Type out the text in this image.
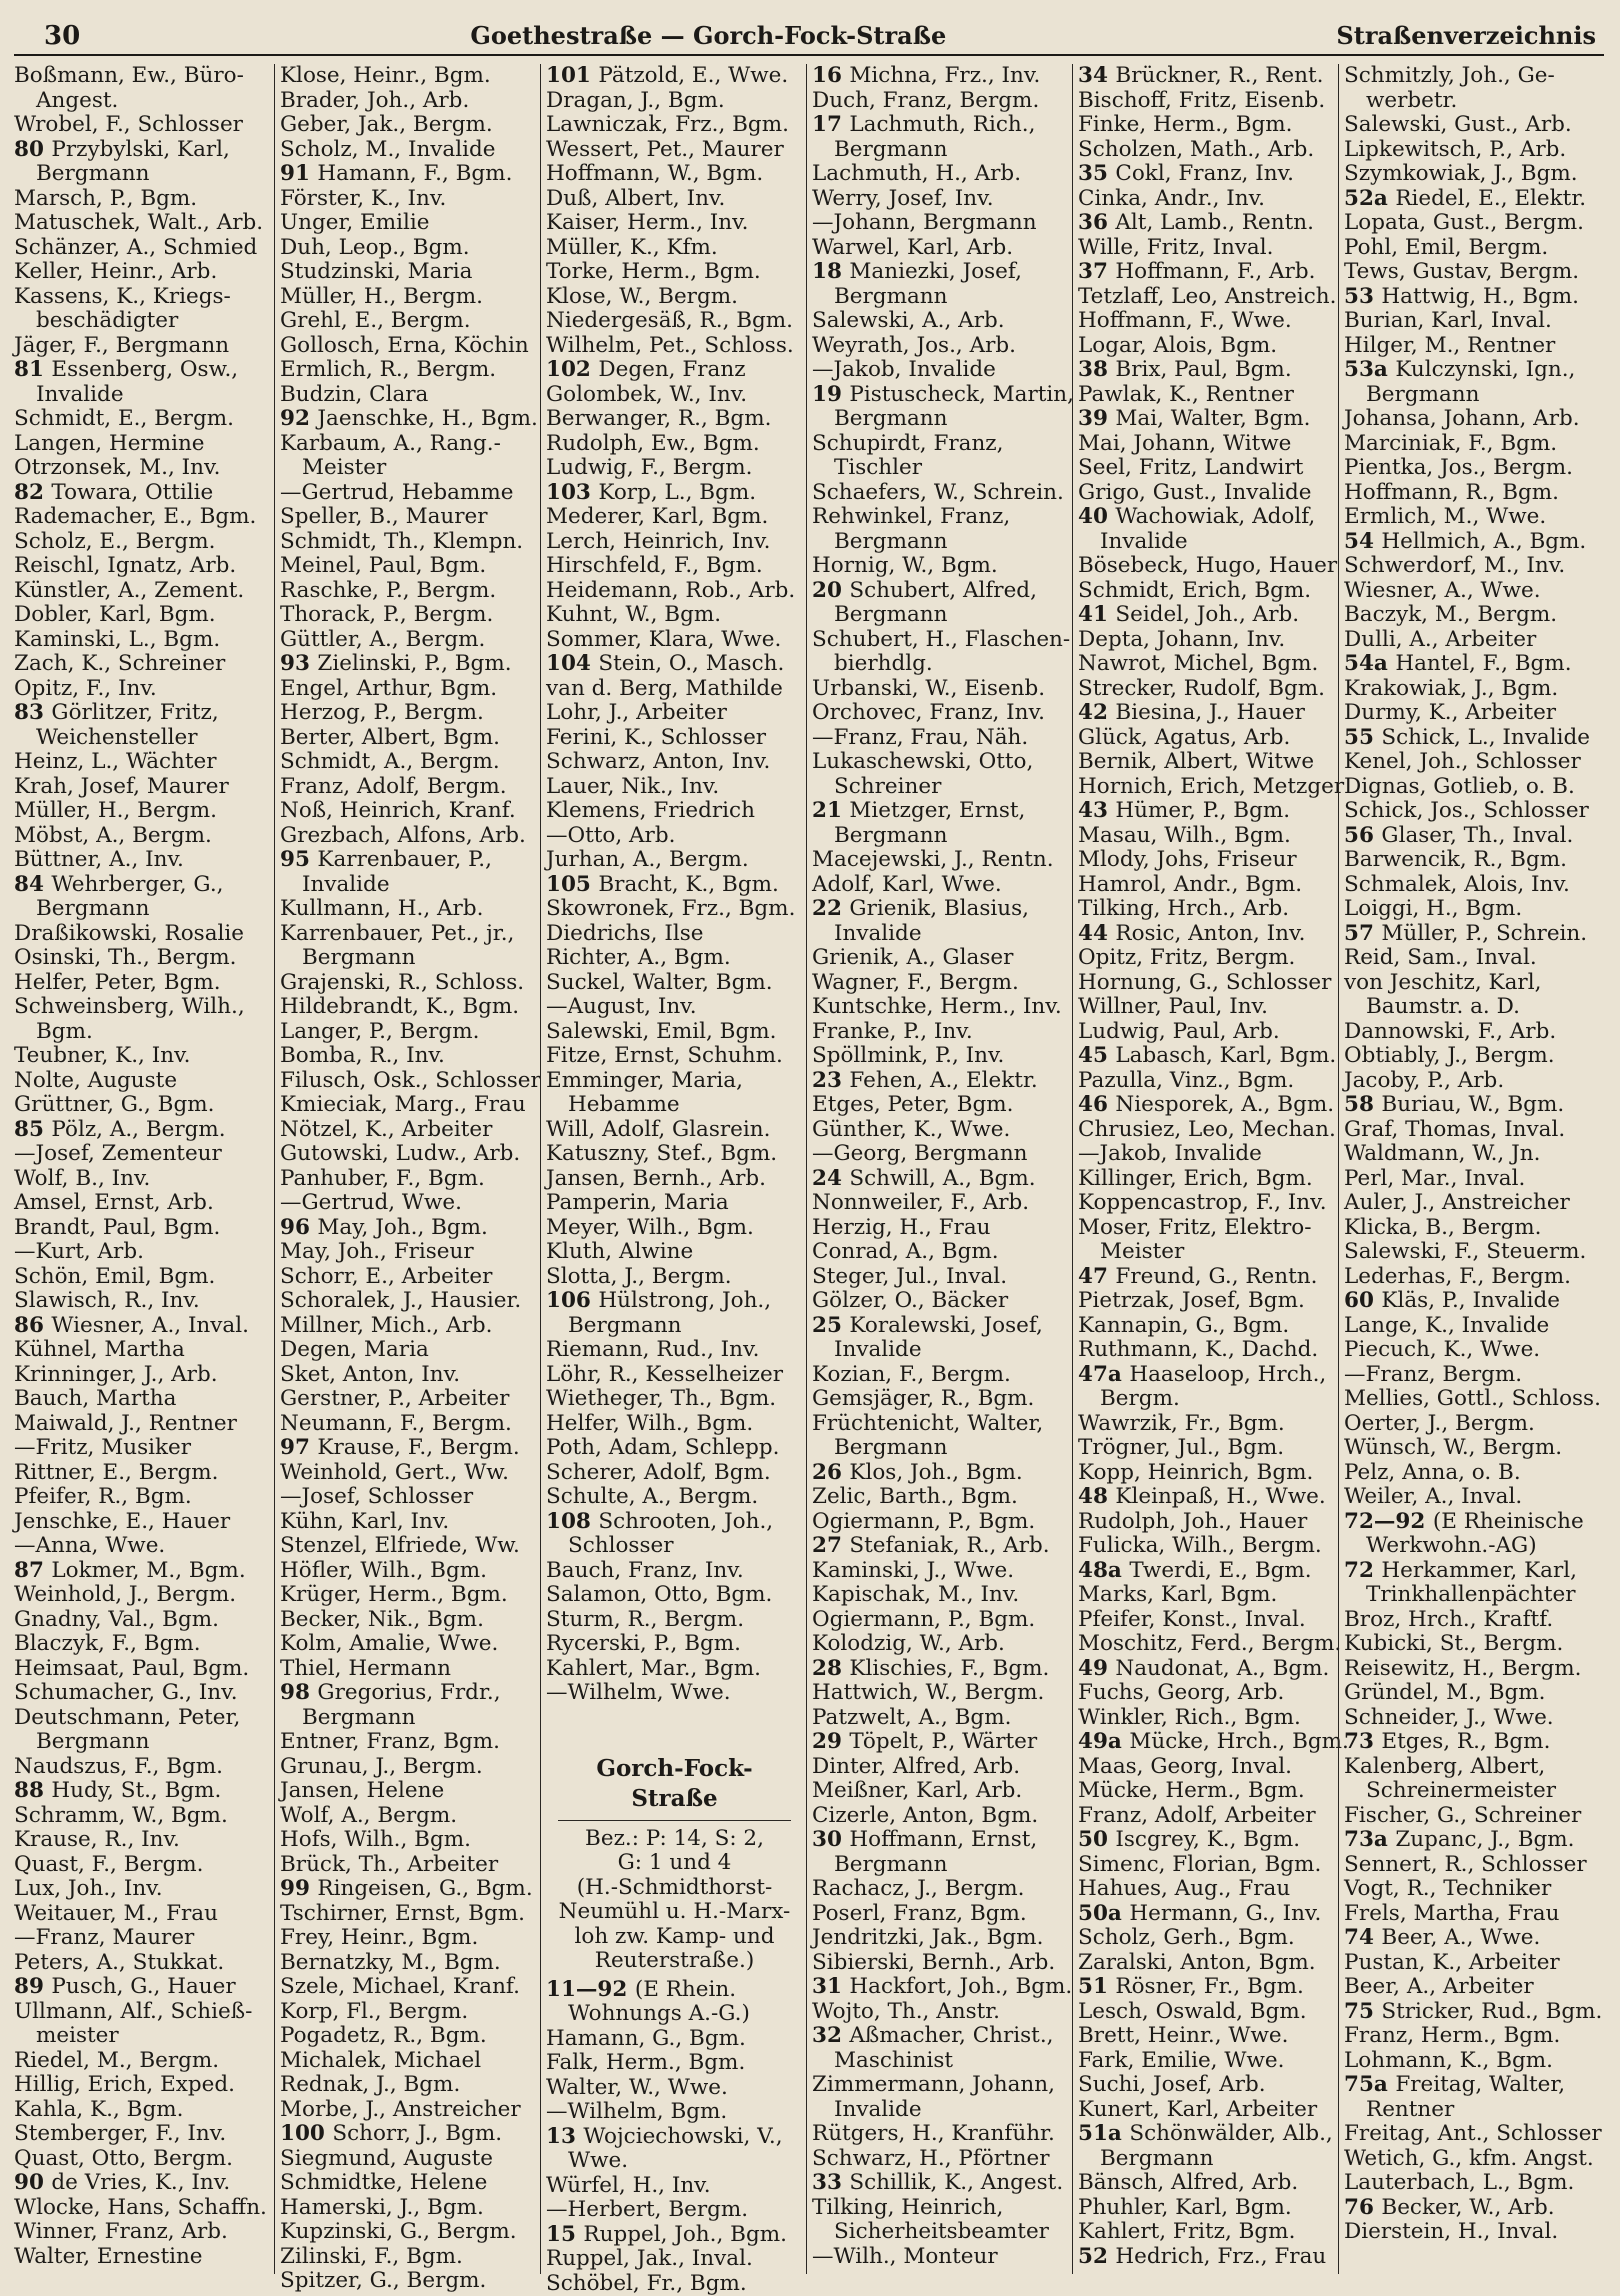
30	Goethestraße — Gorch-Fock-Straße	Straßenverzeichnis
Boßmann, Ew., Büro-
Angest.
Wrobel, F., Schlosser
80 Przybylski, Karl,
Bergmann
Marsch, P., Bgm.
Matuschek, Walt., Arb.
Schänzer, A., Schmied
Keller, Heinr., Arb.
Kassens, K., Kriegs-
beschädigter
Jäger, F., Bergmann
81 Essenberg, Osw.,
Invalide
Schmidt, E., Bergm.
Langen, Hermine
Otrzonsek, M., Inv.
82 Towara, Ottilie
Rademacher, E., Bgm.
Scholz, E., Bergm.
Reischl, Ignatz, Arb.
Künstler, A., Zement.
Dobler, Karl, Bgm.
Kaminski, L., Bgm.
Zach, K., Schreiner
Opitz, F., Inv.
83 Görlitzer, Fritz,
Weichensteller
Heinz, L., Wächter
Krah, Josef, Maurer
Müller, H., Bergm.
Möbst, A., Bergm.
Büttner, A., Inv.
84 Wehrberger, G.,
Bergmann
Draßikowski, Rosalie
Osinski, Th., Bergm.
Helfer, Peter, Bgm.
Schweinsberg, Wilh.,
Bgm.
Teubner, K., Inv.
Nolte, Auguste
Grüttner, G., Bgm.
85 Pölz, A., Bergm.
—Josef, Zementeur
Wolf, B., Inv.
Amsel, Ernst, Arb.
Brandt, Paul, Bgm.
—Kurt, Arb.
Schön, Emil, Bgm.
Slawisch, R., Inv.
86 Wiesner, A., Inval.
Kühnel, Martha
Krinninger, J., Arb.
Bauch, Martha
Maiwald, J., Rentner
—Fritz, Musiker
Rittner, E., Bergm.
Pfeifer, R., Bgm.
Jenschke, E., Hauer
—Anna, Wwe.
87 Lokmer, M., Bgm.
Weinhold, J., Bergm.
Gnadny, Val., Bgm.
Blaczyk, F., Bgm.
Heimsaat, Paul, Bgm.
Schumacher, G., Inv.
Deutschmann, Peter,
Bergmann
Naudszus, F., Bgm.
88 Hudy, St., Bgm.
Schramm, W., Bgm.
Krause, R., Inv.
Quast, F., Bergm.
Lux, Joh., Inv.
Weitauer, M., Frau
—Franz, Maurer
Peters, A., Stukkat.
89 Pusch, G., Hauer
Ullmann, Alf., Schieß-
meister
Riedel, M., Bergm.
Hillig, Erich, Exped.
Kahla, K., Bgm.
Stemberger, F., Inv.
Quast, Otto, Bergm.
90 de Vries, K., Inv.
Wlocke, Hans, Schaffn.
Winner, Franz, Arb.
Walter, Ernestine
Klose, Heinr., Bgm.
Brader, Joh., Arb.
Geber, Jak., Bergm.
Scholz, M., Invalide
91 Hamann, F., Bgm.
Förster, K., Inv.
Unger, Emilie
Duh, Leop., Bgm.
Studzinski, Maria
Müller, H., Bergm.
Grehl, E., Bergm.
Gollosch, Erna, Köchin
Ermlich, R., Bergm.
Budzin, Clara
92 Jaenschke, H., Bgm.
Karbaum, A., Rang.-
Meister
—Gertrud, Hebamme
Speller, B., Maurer
Schmidt, Th., Klempn.
Meinel, Paul, Bgm.
Raschke, P., Bergm.
Thorack, P., Bergm.
Güttler, A., Bergm.
93 Zielinski, P., Bgm.
Engel, Arthur, Bgm.
Herzog, P., Bergm.
Berter, Albert, Bgm.
Schmidt, A., Bergm.
Franz, Adolf, Bergm.
Noß, Heinrich, Kranf.
Grezbach, Alfons, Arb.
95 Karrenbauer, P.,
Invalide
Kullmann, H., Arb.
Karrenbauer, Pet., jr.,
Bergmann
Grajenski, R., Schloss.
Hildebrandt, K., Bgm.
Langer, P., Bergm.
Bomba, R., Inv.
Filusch, Osk., Schlosser
Kmieciak, Marg., Frau
Nötzel, K., Arbeiter
Gutowski, Ludw., Arb.
Panhuber, F., Bgm.
—Gertrud, Wwe.
96 May, Joh., Bgm.
May, Joh., Friseur
Schorr, E., Arbeiter
Schoralek, J., Hausier.
Millner, Mich., Arb.
Degen, Maria
Sket, Anton, Inv.
Gerstner, P., Arbeiter
Neumann, F., Bergm.
97 Krause, F., Bergm.
Weinhold, Gert., Ww.
—Josef, Schlosser
Kühn, Karl, Inv.
Stenzel, Elfriede, Ww.
Höfler, Wilh., Bgm.
Krüger, Herm., Bgm.
Becker, Nik., Bgm.
Kolm, Amalie, Wwe.
Thiel, Hermann
98 Gregorius, Frdr.,
Bergmann
Entner, Franz, Bgm.
Grunau, J., Bergm.
Jansen, Helene
Wolf, A., Bergm.
Hofs, Wilh., Bgm.
Brück, Th., Arbeiter
99 Ringeisen, G., Bgm.
Tschirner, Ernst, Bgm.
Frey, Heinr., Bgm.
Bernatzky, M., Bgm.
Szele, Michael, Kranf.
Korp, Fl., Bergm.
Pogadetz, R., Bgm.
Michalek, Michael
Rednak, J., Bgm.
Morbe, J., Anstreicher
100 Schorr, J., Bgm.
Siegmund, Auguste
Schmidtke, Helene
Hamerski, J., Bgm.
Kupzinski, G., Bergm.
Zilinski, F., Bgm.
Spitzer, G., Bergm.
101 Pätzold, E., Wwe.
Dragan, J., Bgm.
Lawniczak, Frz., Bgm.
Wessert, Pet., Maurer
Hoffmann, W., Bgm.
Duß, Albert, Inv.
Kaiser, Herm., Inv.
Müller, K., Kfm.
Torke, Herm., Bgm.
Klose, W., Bergm.
Niedergesäß, R., Bgm.
Wilhelm, Pet., Schloss.
102 Degen, Franz
Golombek, W., Inv.
Berwanger, R., Bgm.
Rudolph, Ew., Bgm.
Ludwig, F., Bergm.
103 Korp, L., Bgm.
Mederer, Karl, Bgm.
Lerch, Heinrich, Inv.
Hirschfeld, F., Bgm.
Heidemann, Rob., Arb.
Kuhnt, W., Bgm.
Sommer, Klara, Wwe.
104 Stein, O., Masch.
van d. Berg, Mathilde
Lohr, J., Arbeiter
Ferini, K., Schlosser
Schwarz, Anton, Inv.
Lauer, Nik., Inv.
Klemens, Friedrich
—Otto, Arb.
Jurhan, A., Bergm.
105 Bracht, K., Bgm.
Skowronek, Frz., Bgm.
Diedrichs, Ilse
Richter, A., Bgm.
Suckel, Walter, Bgm.
—August, Inv.
Salewski, Emil, Bgm.
Fitze, Ernst, Schuhm.
Emminger, Maria,
Hebamme
Will, Adolf, Glasrein.
Katuszny, Stef., Bgm.
Jansen, Bernh., Arb.
Pamperin, Maria
Meyer, Wilh., Bgm.
Kluth, Alwine
Slotta, J., Bergm.
106 Hülstrong, Joh.,
Bergmann
Riemann, Rud., Inv.
Löhr, R., Kesselheizer
Wietheger, Th., Bgm.
Helfer, Wilh., Bgm.
Poth, Adam, Schlepp.
Scherer, Adolf, Bgm.
Schulte, A., Bergm.
108 Schrooten, Joh.,
Schlosser
Bauch, Franz, Inv.
Salamon, Otto, Bgm.
Sturm, R., Bergm.
Rycerski, P., Bgm.
Kahlert, Mar., Bgm.
—Wilhelm, Wwe.
Gorch-Fock-Straße
Bez.: P: 14, S: 2,
G: 1 und 4
(H.-Schmidthorst-
Neumühl u. H.-Marx-
loh zw. Kamp- und
Reuterstraße.)
11—92 (E Rhein.
Wohnungs A.-G.)
Hamann, G., Bgm.
Falk, Herm., Bgm.
Walter, W., Wwe.
—Wilhelm, Bgm.
13 Wojciechowski, V.,
Wwe.
Würfel, H., Inv.
—Herbert, Bergm.
15 Ruppel, Joh., Bgm.
Ruppel, Jak., Inval.
Schöbel, Fr., Bgm.
16 Michna, Frz., Inv.
Duch, Franz, Bergm.
17 Lachmuth, Rich.,
Bergmann
Lachmuth, H., Arb.
Werry, Josef, Inv.
—Johann, Bergmann
Warwel, Karl, Arb.
18 Maniezki, Josef,
Bergmann
Salewski, A., Arb.
Weyrath, Jos., Arb.
—Jakob, Invalide
19 Pistuscheck, Martin,
Bergmann
Schupirdt, Franz,
Tischler
Schaefers, W., Schrein.
Rehwinkel, Franz,
Bergmann
Hornig, W., Bgm.
20 Schubert, Alfred,
Bergmann
Schubert, H., Flaschen-
bierhdlg.
Urbanski, W., Eisenb.
Orchovec, Franz, Inv.
—Franz, Frau, Näh.
Lukaschewski, Otto,
Schreiner
21 Mietzger, Ernst,
Bergmann
Macejewski, J., Rentn.
Adolf, Karl, Wwe.
22 Grienik, Blasius,
Invalide
Grienik, A., Glaser
Wagner, F., Bergm.
Kuntschke, Herm., Inv.
Franke, P., Inv.
Spöllmink, P., Inv.
23 Fehen, A., Elektr.
Etges, Peter, Bgm.
Günther, K., Wwe.
—Georg, Bergmann
24 Schwill, A., Bgm.
Nonnweiler, F., Arb.
Herzig, H., Frau
Conrad, A., Bgm.
Steger, Jul., Inval.
Gölzer, O., Bäcker
25 Koralewski, Josef,
Invalide
Kozian, F., Bergm.
Gemsjäger, R., Bgm.
Früchtenicht, Walter,
Bergmann
26 Klos, Joh., Bgm.
Zelic, Barth., Bgm.
Ogiermann, P., Bgm.
27 Stefaniak, R., Arb.
Kaminski, J., Wwe.
Kapischak, M., Inv.
Ogiermann, P., Bgm.
Kolodzig, W., Arb.
28 Klischies, F., Bgm.
Hattwich, W., Bergm.
Patzwelt, A., Bgm.
29 Töpelt, P., Wärter
Dinter, Alfred, Arb.
Meißner, Karl, Arb.
Cizerle, Anton, Bgm.
30 Hoffmann, Ernst,
Bergmann
Rachacz, J., Bergm.
Poserl, Franz, Bgm.
Jendritzki, Jak., Bgm.
Sibierski, Bernh., Arb.
31 Hackfort, Joh., Bgm.
Wojto, Th., Anstr.
32 Aßmacher, Christ.,
Maschinist
Zimmermann, Johann,
Invalide
Rütgers, H., Kranführ.
Schwarz, H., Pförtner
33 Schillik, K., Angest.
Tilking, Heinrich,
Sicherheitsbeamter
—Wilh., Monteur
34 Brückner, R., Rent.
Bischoff, Fritz, Eisenb.
Finke, Herm., Bgm.
Scholzen, Math., Arb.
35 Cokl, Franz, Inv.
Cinka, Andr., Inv.
36 Alt, Lamb., Rentn.
Wille, Fritz, Inval.
37 Hoffmann, F., Arb.
Tetzlaff, Leo, Anstreich.
Hoffmann, F., Wwe.
Logar, Alois, Bgm.
38 Brix, Paul, Bgm.
Pawlak, K., Rentner
39 Mai, Walter, Bgm.
Mai, Johann, Witwe
Seel, Fritz, Landwirt
Grigo, Gust., Invalide
40 Wachowiak, Adolf,
Invalide
Bösebeck, Hugo, Hauer
Schmidt, Erich, Bgm.
41 Seidel, Joh., Arb.
Depta, Johann, Inv.
Nawrot, Michel, Bgm.
Strecker, Rudolf, Bgm.
42 Biesina, J., Hauer
Glück, Agatus, Arb.
Bernik, Albert, Witwe
Hornich, Erich, Metzger
43 Hümer, P., Bgm.
Masau, Wilh., Bgm.
Mlody, Johs, Friseur
Hamrol, Andr., Bgm.
Tilking, Hrch., Arb.
44 Rosic, Anton, Inv.
Opitz, Fritz, Bergm.
Hornung, G., Schlosser
Willner, Paul, Inv.
Ludwig, Paul, Arb.
45 Labasch, Karl, Bgm.
Pazulla, Vinz., Bgm.
46 Niesporek, A., Bgm.
Chrusiez, Leo, Mechan.
—Jakob, Invalide
Killinger, Erich, Bgm.
Koppencastrop, F., Inv.
Moser, Fritz, Elektro-
Meister
47 Freund, G., Rentn.
Pietrzak, Josef, Bgm.
Kannapin, G., Bgm.
Ruthmann, K., Dachd.
47a Haaseloop, Hrch.,
Bergm.
Wawrzik, Fr., Bgm.
Trögner, Jul., Bgm.
Kopp, Heinrich, Bgm.
48 Kleinpaß, H., Wwe.
Rudolph, Joh., Hauer
Fulicka, Wilh., Bergm.
48a Twerdi, E., Bgm.
Marks, Karl, Bgm.
Pfeifer, Konst., Inval.
Moschitz, Ferd., Bergm.
49 Naudonat, A., Bgm.
Fuchs, Georg, Arb.
Winkler, Rich., Bgm.
49a Mücke, Hrch., Bgm.
Maas, Georg, Inval.
Mücke, Herm., Bgm.
Franz, Adolf, Arbeiter
50 Iscgrey, K., Bgm.
Simenc, Florian, Bgm.
Hahues, Aug., Frau
50a Hermann, G., Inv.
Scholz, Gerh., Bgm.
Zaralski, Anton, Bgm.
51 Rösner, Fr., Bgm.
Lesch, Oswald, Bgm.
Brett, Heinr., Wwe.
Fark, Emilie, Wwe.
Suchi, Josef, Arb.
Kunert, Karl, Arbeiter
51a Schönwälder, Alb.,
Bergmann
Bänsch, Alfred, Arb.
Phuhler, Karl, Bgm.
Kahlert, Fritz, Bgm.
52 Hedrich, Frz., Frau
Schmitzly, Joh., Ge-
werbetr.
Salewski, Gust., Arb.
Lipkewitsch, P., Arb.
Szymkowiak, J., Bgm.
52a Riedel, E., Elektr.
Lopata, Gust., Bergm.
Pohl, Emil, Bergm.
Tews, Gustav, Bergm.
53 Hattwig, H., Bgm.
Burian, Karl, Inval.
Hilger, M., Rentner
53a Kulczynski, Ign.,
Bergmann
Johansa, Johann, Arb.
Marciniak, F., Bgm.
Pientka, Jos., Bergm.
Hoffmann, R., Bgm.
Ermlich, M., Wwe.
54 Hellmich, A., Bgm.
Schwerdorf, M., Inv.
Wiesner, A., Wwe.
Baczyk, M., Bergm.
Dulli, A., Arbeiter
54a Hantel, F., Bgm.
Krakowiak, J., Bgm.
Durmy, K., Arbeiter
55 Schick, L., Invalide
Kenel, Joh., Schlosser
Dignas, Gotlieb, o. B.
Schick, Jos., Schlosser
56 Glaser, Th., Inval.
Barwencik, R., Bgm.
Schmalek, Alois, Inv.
Loiggi, H., Bgm.
57 Müller, P., Schrein.
Reid, Sam., Inval.
von Jeschitz, Karl,
Baumstr. a. D.
Dannowski, F., Arb.
Obtiably, J., Bergm.
Jacoby, P., Arb.
58 Buriau, W., Bgm.
Graf, Thomas, Inval.
Waldmann, W., Jn.
Perl, Mar., Inval.
Auler, J., Anstreicher
Klicka, B., Bergm.
Salewski, F., Steuerm.
Lederhas, F., Bergm.
60 Kläs, P., Invalide
Lange, K., Invalide
Piecuch, K., Wwe.
—Franz, Bergm.
Mellies, Gottl., Schloss.
Oerter, J., Bergm.
Wünsch, W., Bergm.
Pelz, Anna, o. B.
Weiler, A., Inval.
72—92 (E Rheinische
Werkwohn.-AG)
72 Herkammer, Karl,
Trinkhallenpächter
Broz, Hrch., Kraftf.
Kubicki, St., Bergm.
Reisewitz, H., Bergm.
Gründel, M., Bgm.
Schneider, J., Wwe.
73 Etges, R., Bgm.
Kalenberg, Albert,
Schreinermeister
Fischer, G., Schreiner
73a Zupanc, J., Bgm.
Sennert, R., Schlosser
Vogt, R., Techniker
Frels, Martha, Frau
74 Beer, A., Wwe.
Pustan, K., Arbeiter
Beer, A., Arbeiter
75 Stricker, Rud., Bgm.
Franz, Herm., Bgm.
Lohmann, K., Bgm.
75a Freitag, Walter,
Rentner
Freitag, Ant., Schlosser
Wetich, G., kfm. Angst.
Lauterbach, L., Bgm.
76 Becker, W., Arb.
Dierstein, H., Inval.
